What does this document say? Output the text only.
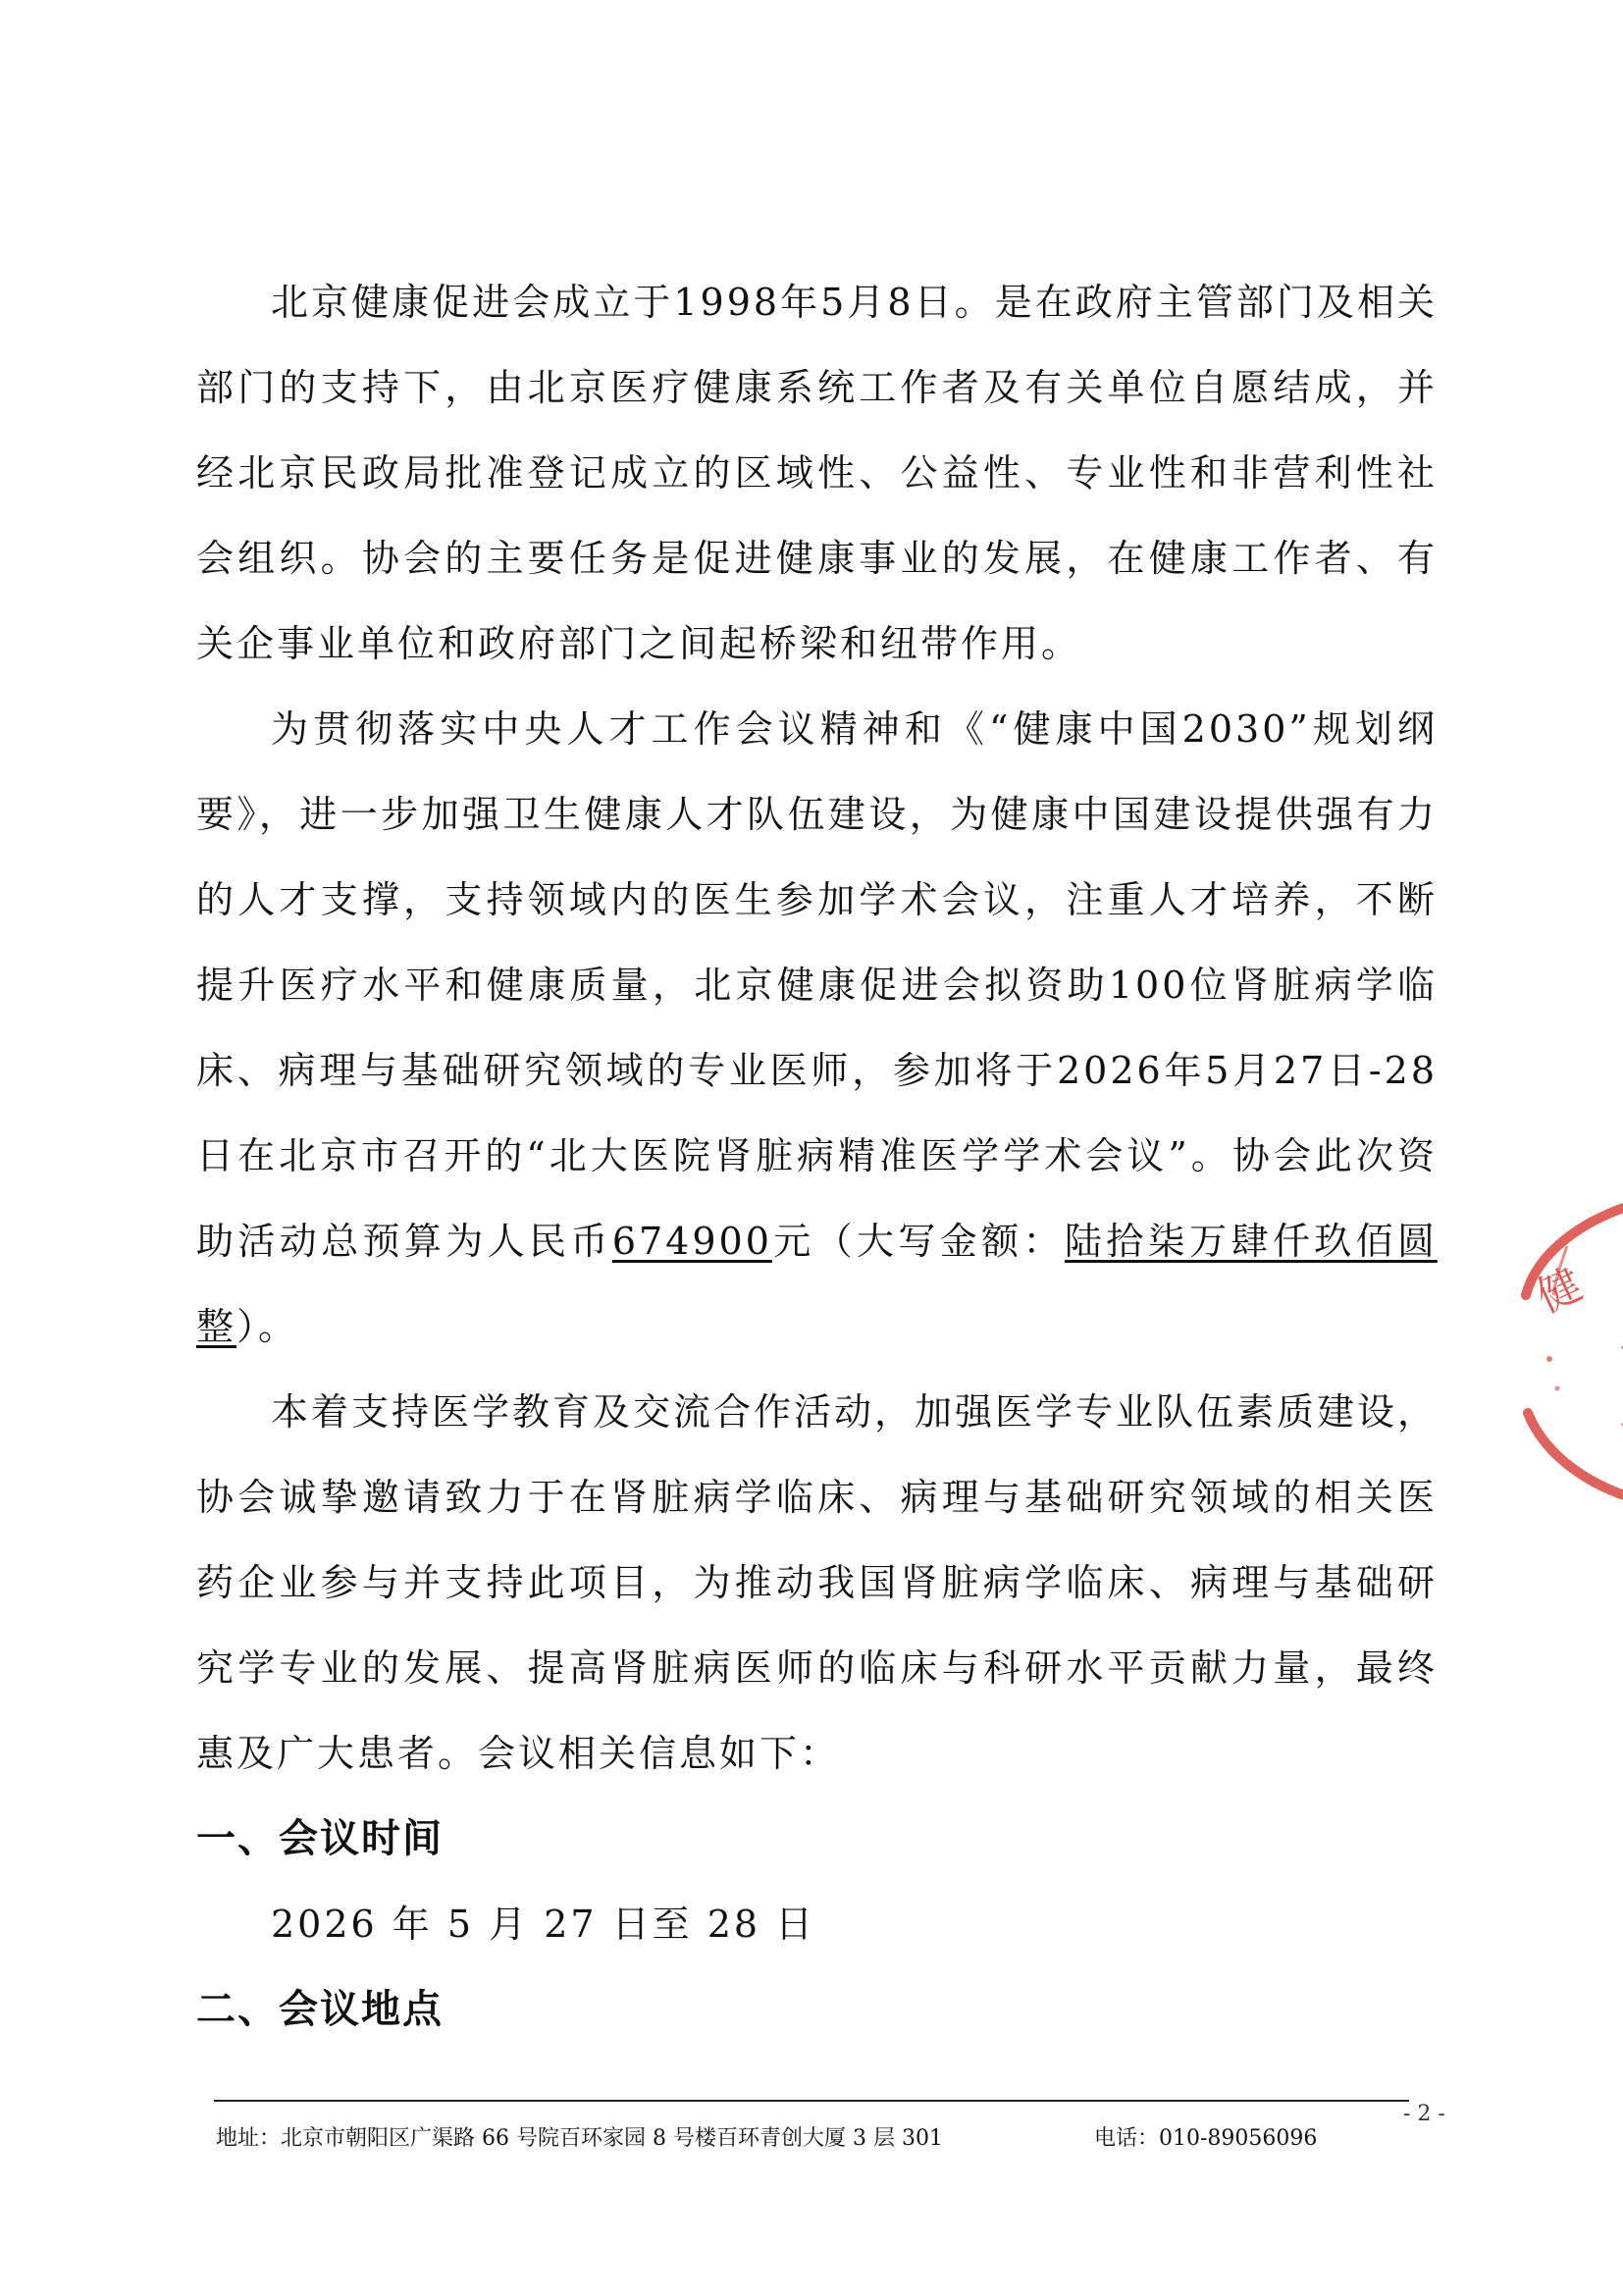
北京健康促进会成立于1998年5月8日。是在政府主管部门及相关部门的支持下，由北京医疗健康系统工作者及有关单位自愿结成，并经北京民政局批准登记成立的区域性、公益性、专业性和非营利性社会组织。协会的主要任务是促进健康事业的发展，在健康工作者、有关企事业单位和政府部门之间起桥梁和纽带作用。

为贯彻落实中央人才工作会议精神和《“健康中国2030”规划纲要》，进一步加强卫生健康人才队伍建设，为健康中国建设提供强有力的人才支撑，支持领域内的医生参加学术会议，注重人才培养，不断提升医疗水平和健康质量，北京健康促进会拟资助100位肾脏病学临床、病理与基础研究领域的专业医师，参加将于2026年5月27日-28日在北京市召开的“北大医院肾脏病精准医学学术会议”。协会此次资助活动总预算为人民币674900元（大写金额：陆拾柒万肆仟玖佰圆整）。

本着支持医学教育及交流合作活动，加强医学专业队伍素质建设，协会诚挚邀请致力于在肾脏病学临床、病理与基础研究领域的相关医药企业参与并支持此项目，为推动我国肾脏病学临床、病理与基础研究学专业的发展、提高肾脏病医师的临床与科研水平贡献力量，最终惠及广大患者。会议相关信息如下：

一、会议时间

2026 年 5 月 27 日至 28 日

二、会议地点

健
地址：北京市朝阳区广渠路 66 号院百环家园 8 号楼百环青创大厦 3 层 301	电话：010-89056096
- 2 -
